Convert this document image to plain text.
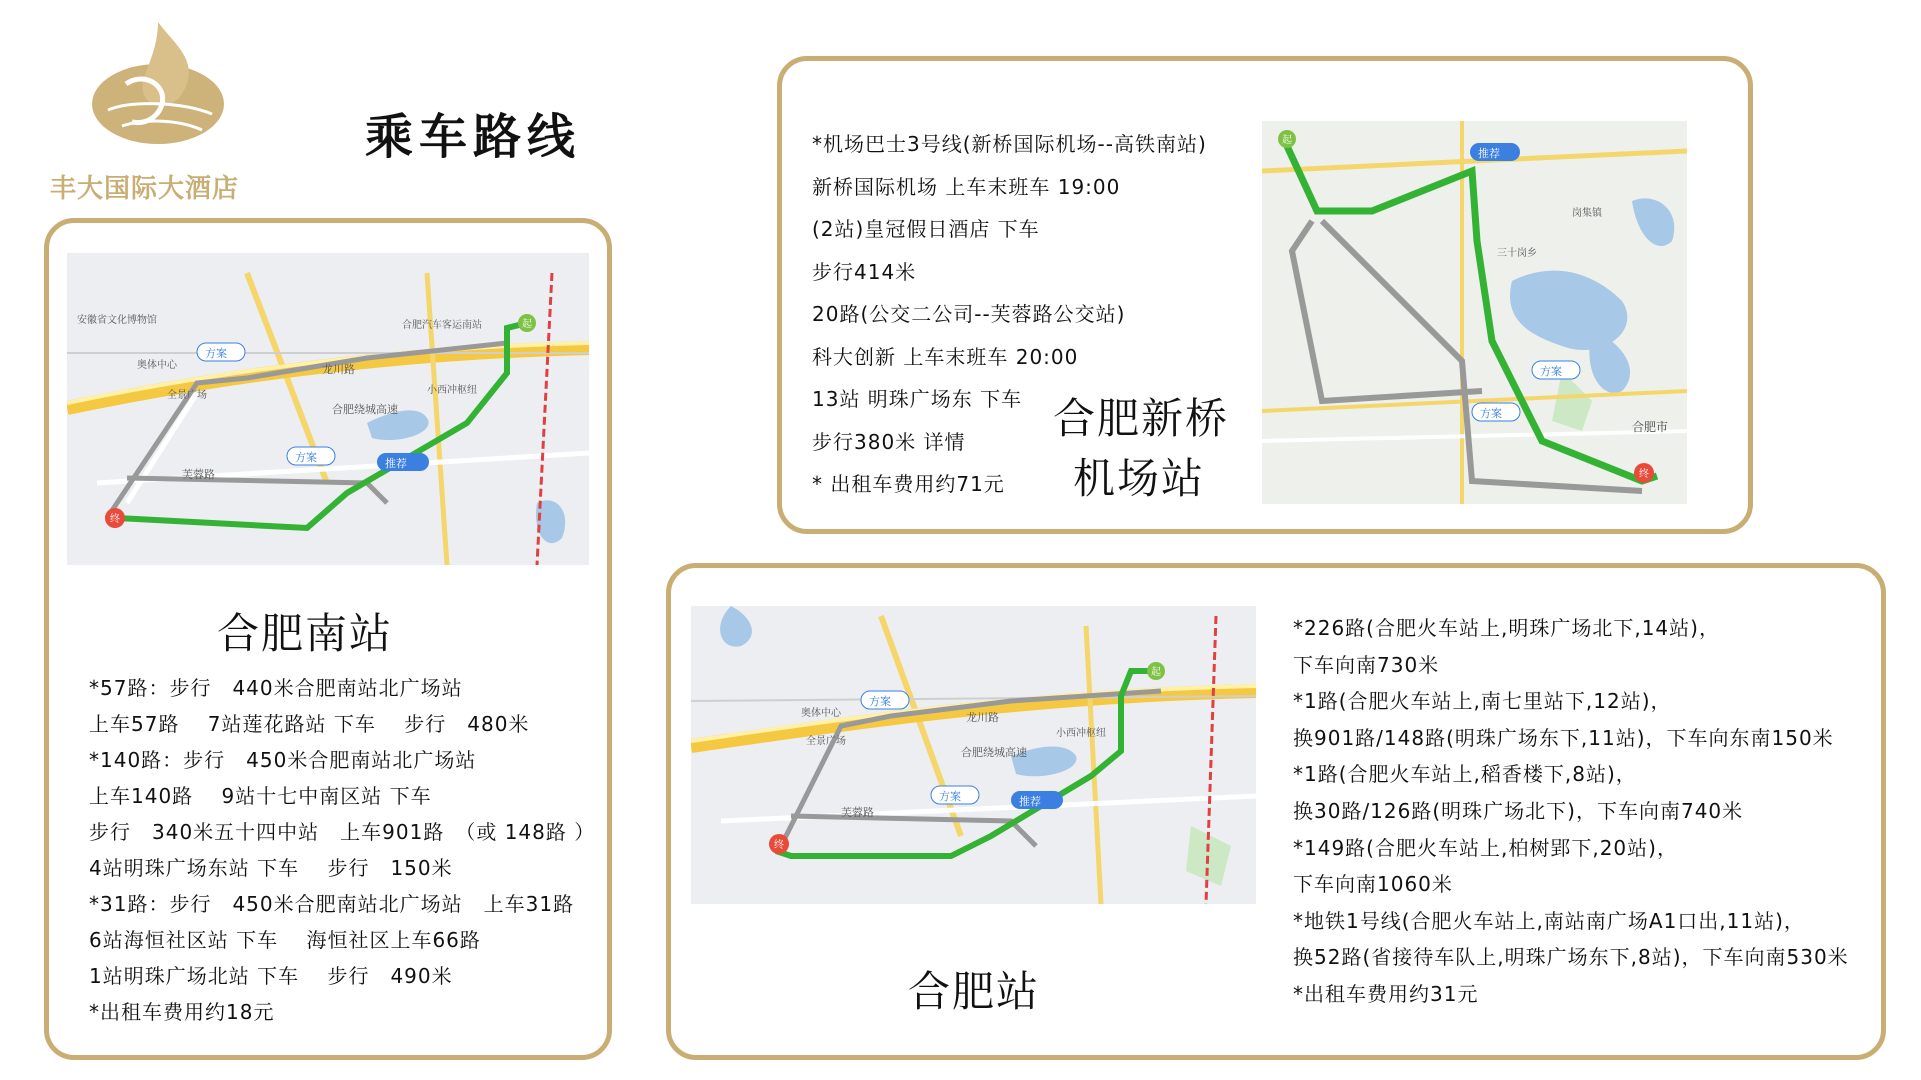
丰大国际大酒店
乘车路线
龙川路
合肥绕城高速
芙蓉路
奥体中心
全景广场	小西冲枢纽
合肥汽车客运南站
安徽省文化博物馆
推荐
方案
方案
起
终
合肥南站
*57路：步行　440米合肥南站北广场站
上车57路　 7站莲花路站 下车　 步行　480米
*140路：步行　450米合肥南站北广场站
上车140路　 9站十七中南区站 下车
步行　340米五十四中站　上车901路　（或 148路 ）
4站明珠广场东站 下车　 步行　150米
*31路：步行　450米合肥南站北广场站　上车31路
6站海恒社区站 下车　 海恒社区上车66路
1站明珠广场北站 下车　 步行　490米
*出租车费用约18元
*机场巴士3号线(新桥国际机场--高铁南站)
新桥国际机场 上车末班车 19:00
(2站)皇冠假日酒店 下车
步行414米
20路(公交二公司--芙蓉路公交站)
科大创新 上车末班车 20:00
13站 明珠广场东 下车
步行380米 详情
* 出租车费用约71元
合肥新桥
机场站
推荐
方案
方案
起
终
合肥市
三十岗乡
岗集镇
龙川路
合肥绕城高速
芙蓉路
奥体中心
全景广场
小西冲枢纽
推荐
方案
方案
起
终
合肥站
*226路(合肥火车站上,明珠广场北下,14站)，
下车向南730米
*1路(合肥火车站上,南七里站下,12站)，
换901路/148路(明珠广场东下,11站)，下车向东南150米
*1路(合肥火车站上,稻香楼下,8站)，
换30路/126路(明珠广场北下)，下车向南740米
*149路(合肥火车站上,柏树郢下,20站)，
下车向南1060米
*地铁1号线(合肥火车站上,南站南广场A1口出,11站)，
换52路(省接待车队上,明珠广场东下,8站)，下车向南530米
*出租车费用约31元
